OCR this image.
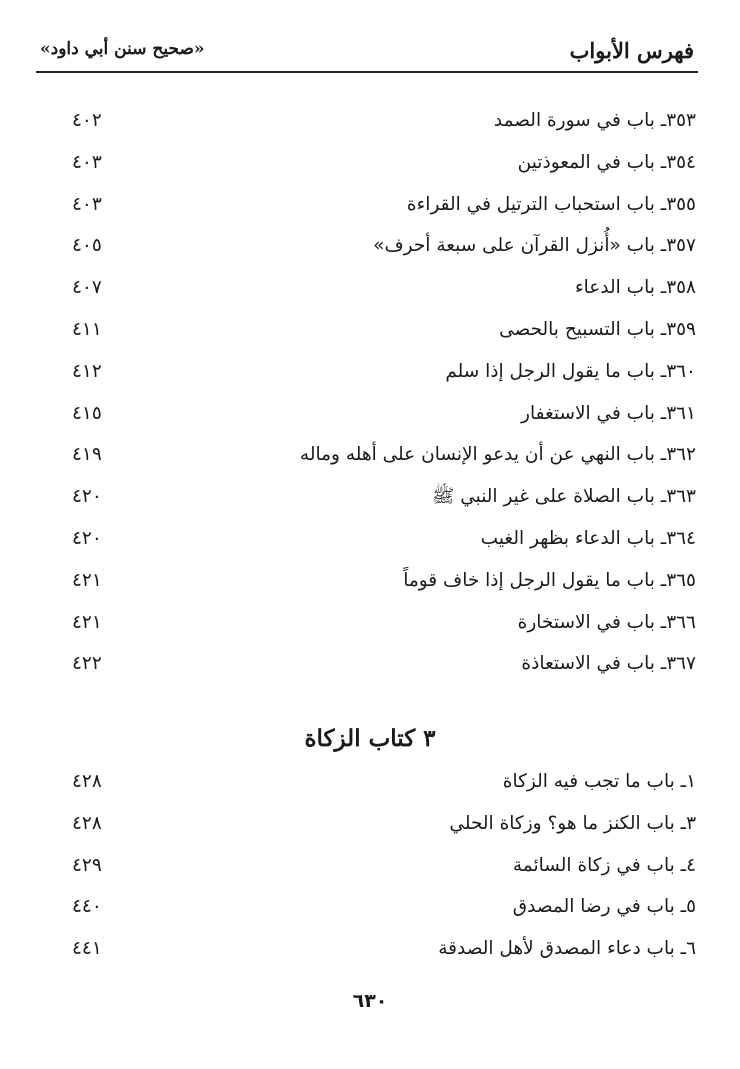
فهرس الأبواب
«صحيح سنن أبي داود»
٣٥٣ـ باب في سورة الصمد
٤٠٢
٣٥٤ـ باب في المعوذتين
٤٠٣
٣٥٥ـ باب استحباب الترتيل في القراءة
٤٠٣
٣٥٧ـ باب «أُنزل القرآن على سبعة أحرف»
٤٠٥
٣٥٨ـ باب الدعاء
٤٠٧
٣٥٩ـ باب التسبيح بالحصى
٤١١
٣٦٠ـ باب ما يقول الرجل إذا سلم
٤١٢
٣٦١ـ باب في الاستغفار
٤١٥
٣٦٢ـ باب النهي عن أن يدعو الإنسان على أهله وماله
٤١٩
٣٦٣ـ باب الصلاة على غير النبي ﷺ
٤٢٠
٣٦٤ـ باب الدعاء بظهر الغيب
٤٢٠
٣٦٥ـ باب ما يقول الرجل إذا خاف قوماً
٤٢١
٣٦٦ـ باب في الاستخارة
٤٢١
٣٦٧ـ باب في الاستعاذة
٤٢٢
٣ كتاب الزكاة
١ـ باب ما تجب فيه الزكاة
٤٢٨
٣ـ باب الكنز ما هو؟ وزكاة الحلي
٤٢٨
٤ـ باب في زكاة السائمة
٤٢٩
٥ـ باب في رضا المصدق
٤٤٠
٦ـ باب دعاء المصدق لأهل الصدقة
٤٤١
٦٣٠
